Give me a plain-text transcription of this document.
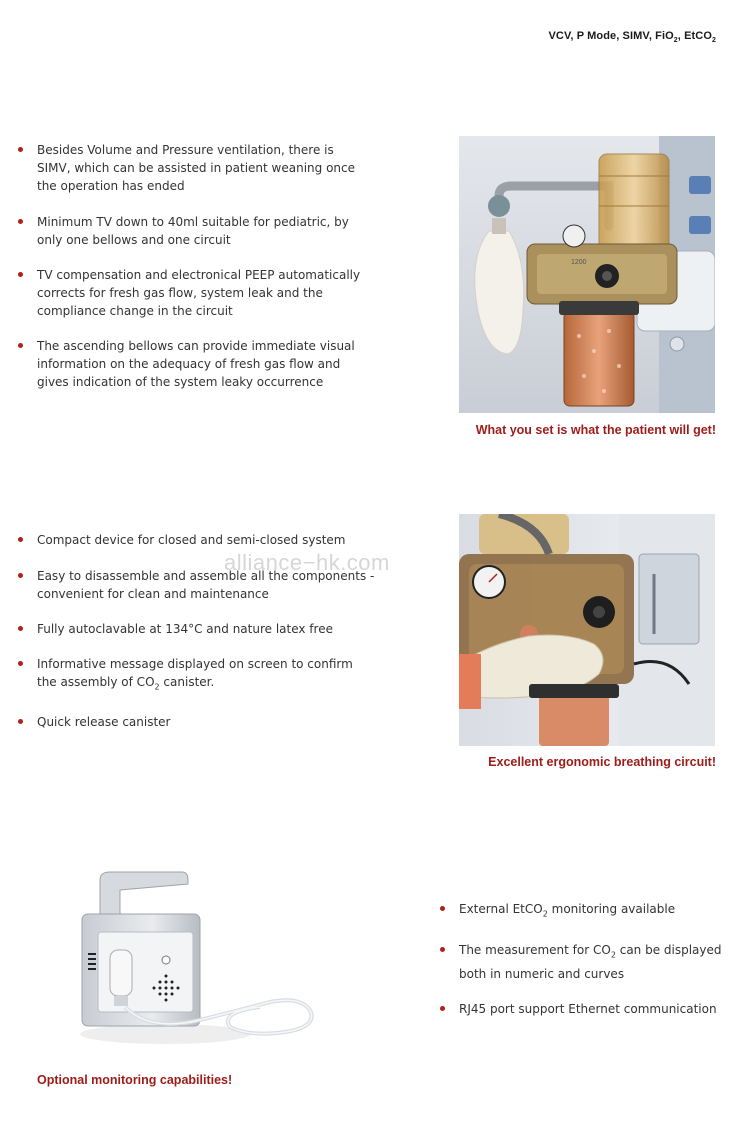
VCV, P Mode, SIMV, FiO$_2$, EtCO$_2$
Besides Volume and Pressure ventilation, there is SIMV, which can be assisted in patient weaning once the operation has ended
Minimum TV down to 40ml suitable for pediatric, by only one bellows and one circuit
TV compensation and electronical PEEP automatically corrects for fresh gas flow, system leak and the compliance change in the circuit
The ascending bellows can provide immediate visual information on the adequacy of fresh gas flow and gives indication of the system leaky occurrence
1200
What you set is what the patient will get!
Compact device for closed and semi-closed system
Easy to disassemble and assemble all the components - convenient for clean and maintenance
Fully autoclavable at 134°C and nature latex free
Informative message displayed on screen to confirm the assembly of $CO_2$ canister.
Quick release canister
alliance−hk.com
Excellent ergonomic breathing circuit!
External EtCO$_2$ monitoring available
The measurement for $CO_2$ can be displayed both in numeric and curves
RJ45 port support Ethernet communication
Optional monitoring capabilities!
